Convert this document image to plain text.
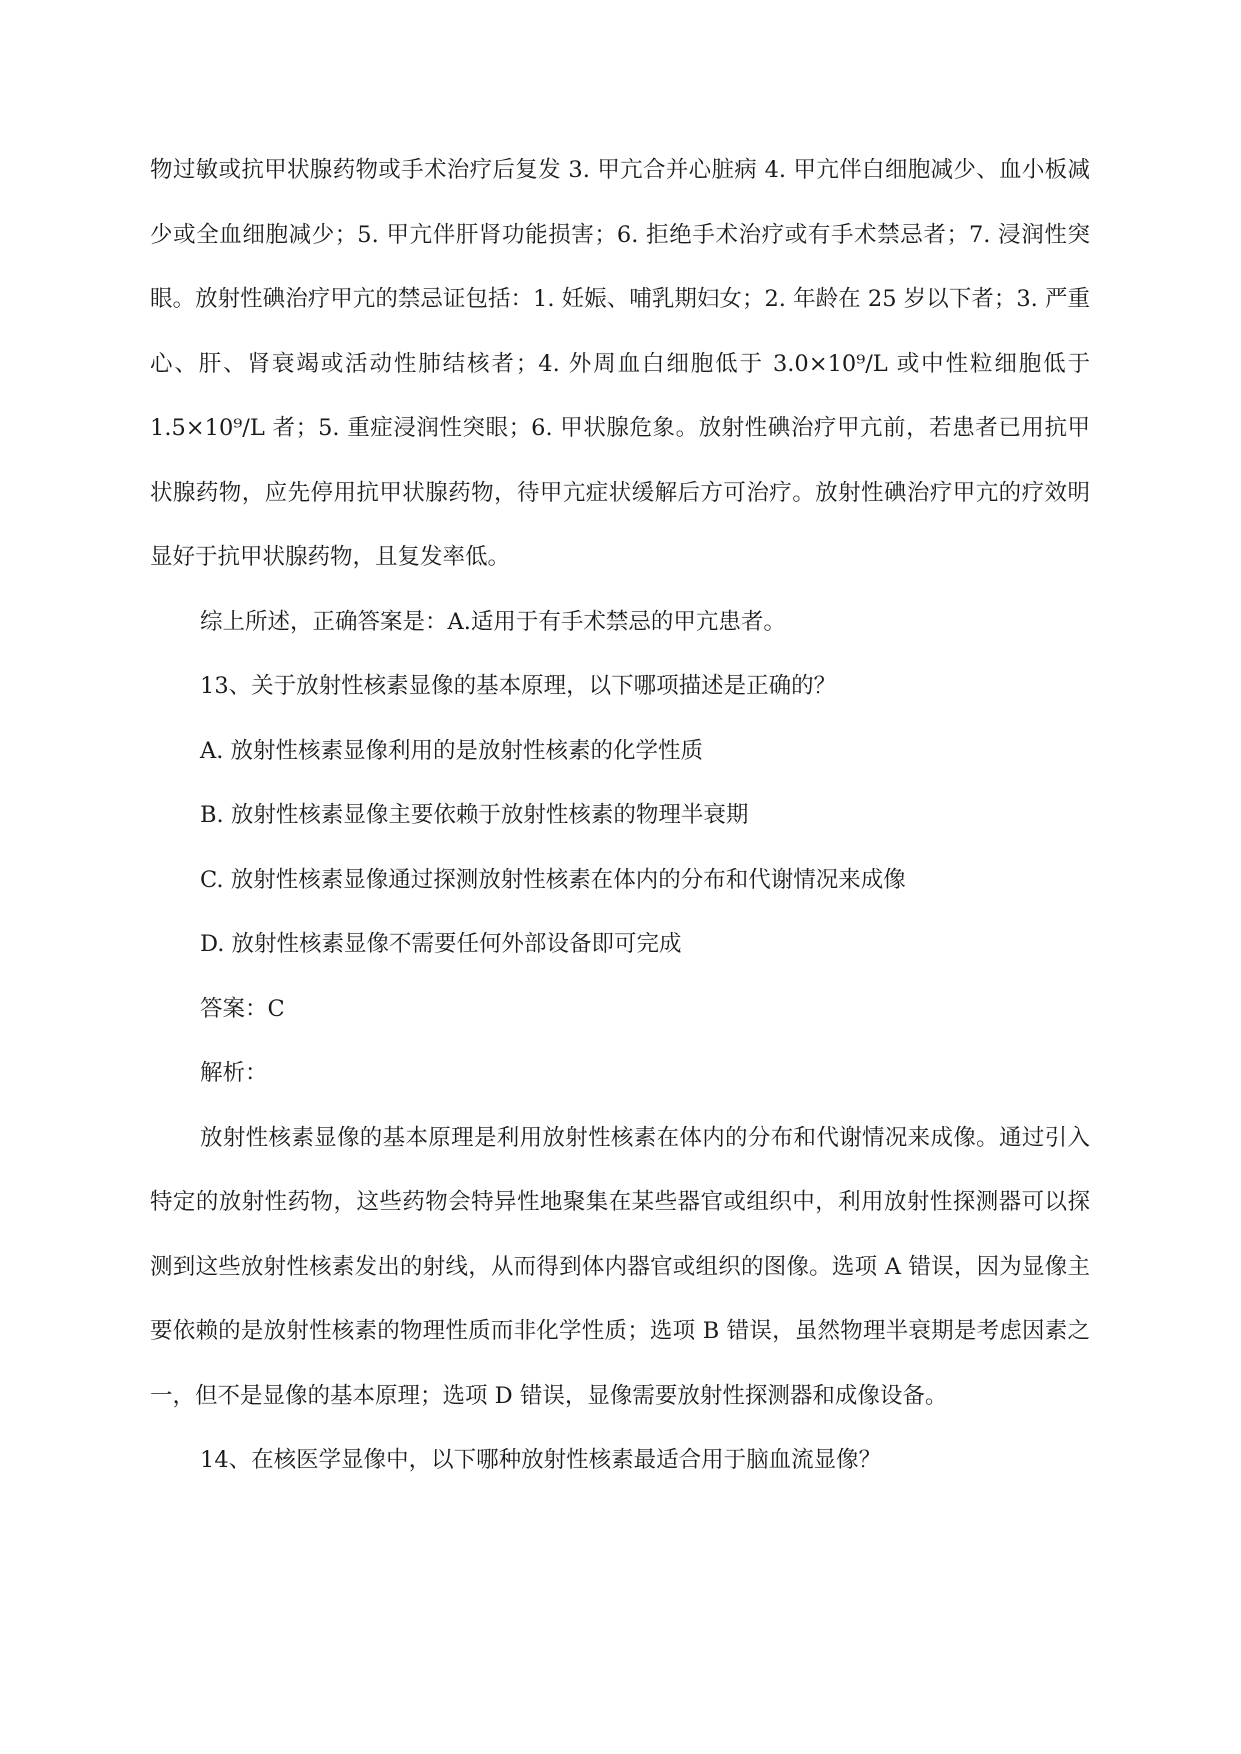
物过敏或抗甲状腺药物或手术治疗后复发 3. 甲亢合并心脏病 4. 甲亢伴白细胞减少、血小板减少或全血细胞减少；5. 甲亢伴肝肾功能损害；6. 拒绝手术治疗或有手术禁忌者；7. 浸润性突眼。放射性碘治疗甲亢的禁忌证包括：1. 妊娠、哺乳期妇女；2. 年龄在 25 岁以下者；3. 严重心、肝、肾衰竭或活动性肺结核者；4. 外周血白细胞低于 3.0×10⁹/L 或中性粒细胞低于 1.5×10⁹/L 者；5. 重症浸润性突眼；6. 甲状腺危象。放射性碘治疗甲亢前，若患者已用抗甲状腺药物，应先停用抗甲状腺药物，待甲亢症状缓解后方可治疗。放射性碘治疗甲亢的疗效明显好于抗甲状腺药物，且复发率低。

综上所述，正确答案是：A.适用于有手术禁忌的甲亢患者。

13、关于放射性核素显像的基本原理，以下哪项描述是正确的？

A. 放射性核素显像利用的是放射性核素的化学性质

B. 放射性核素显像主要依赖于放射性核素的物理半衰期

C. 放射性核素显像通过探测放射性核素在体内的分布和代谢情况来成像

D. 放射性核素显像不需要任何外部设备即可完成

答案：C

解析：

放射性核素显像的基本原理是利用放射性核素在体内的分布和代谢情况来成像。通过引入特定的放射性药物，这些药物会特异性地聚集在某些器官或组织中，利用放射性探测器可以探测到这些放射性核素发出的射线，从而得到体内器官或组织的图像。选项 A 错误，因为显像主要依赖的是放射性核素的物理性质而非化学性质；选项 B 错误，虽然物理半衰期是考虑因素之一，但不是显像的基本原理；选项 D 错误，显像需要放射性探测器和成像设备。

14、在核医学显像中，以下哪种放射性核素最适合用于脑血流显像？
